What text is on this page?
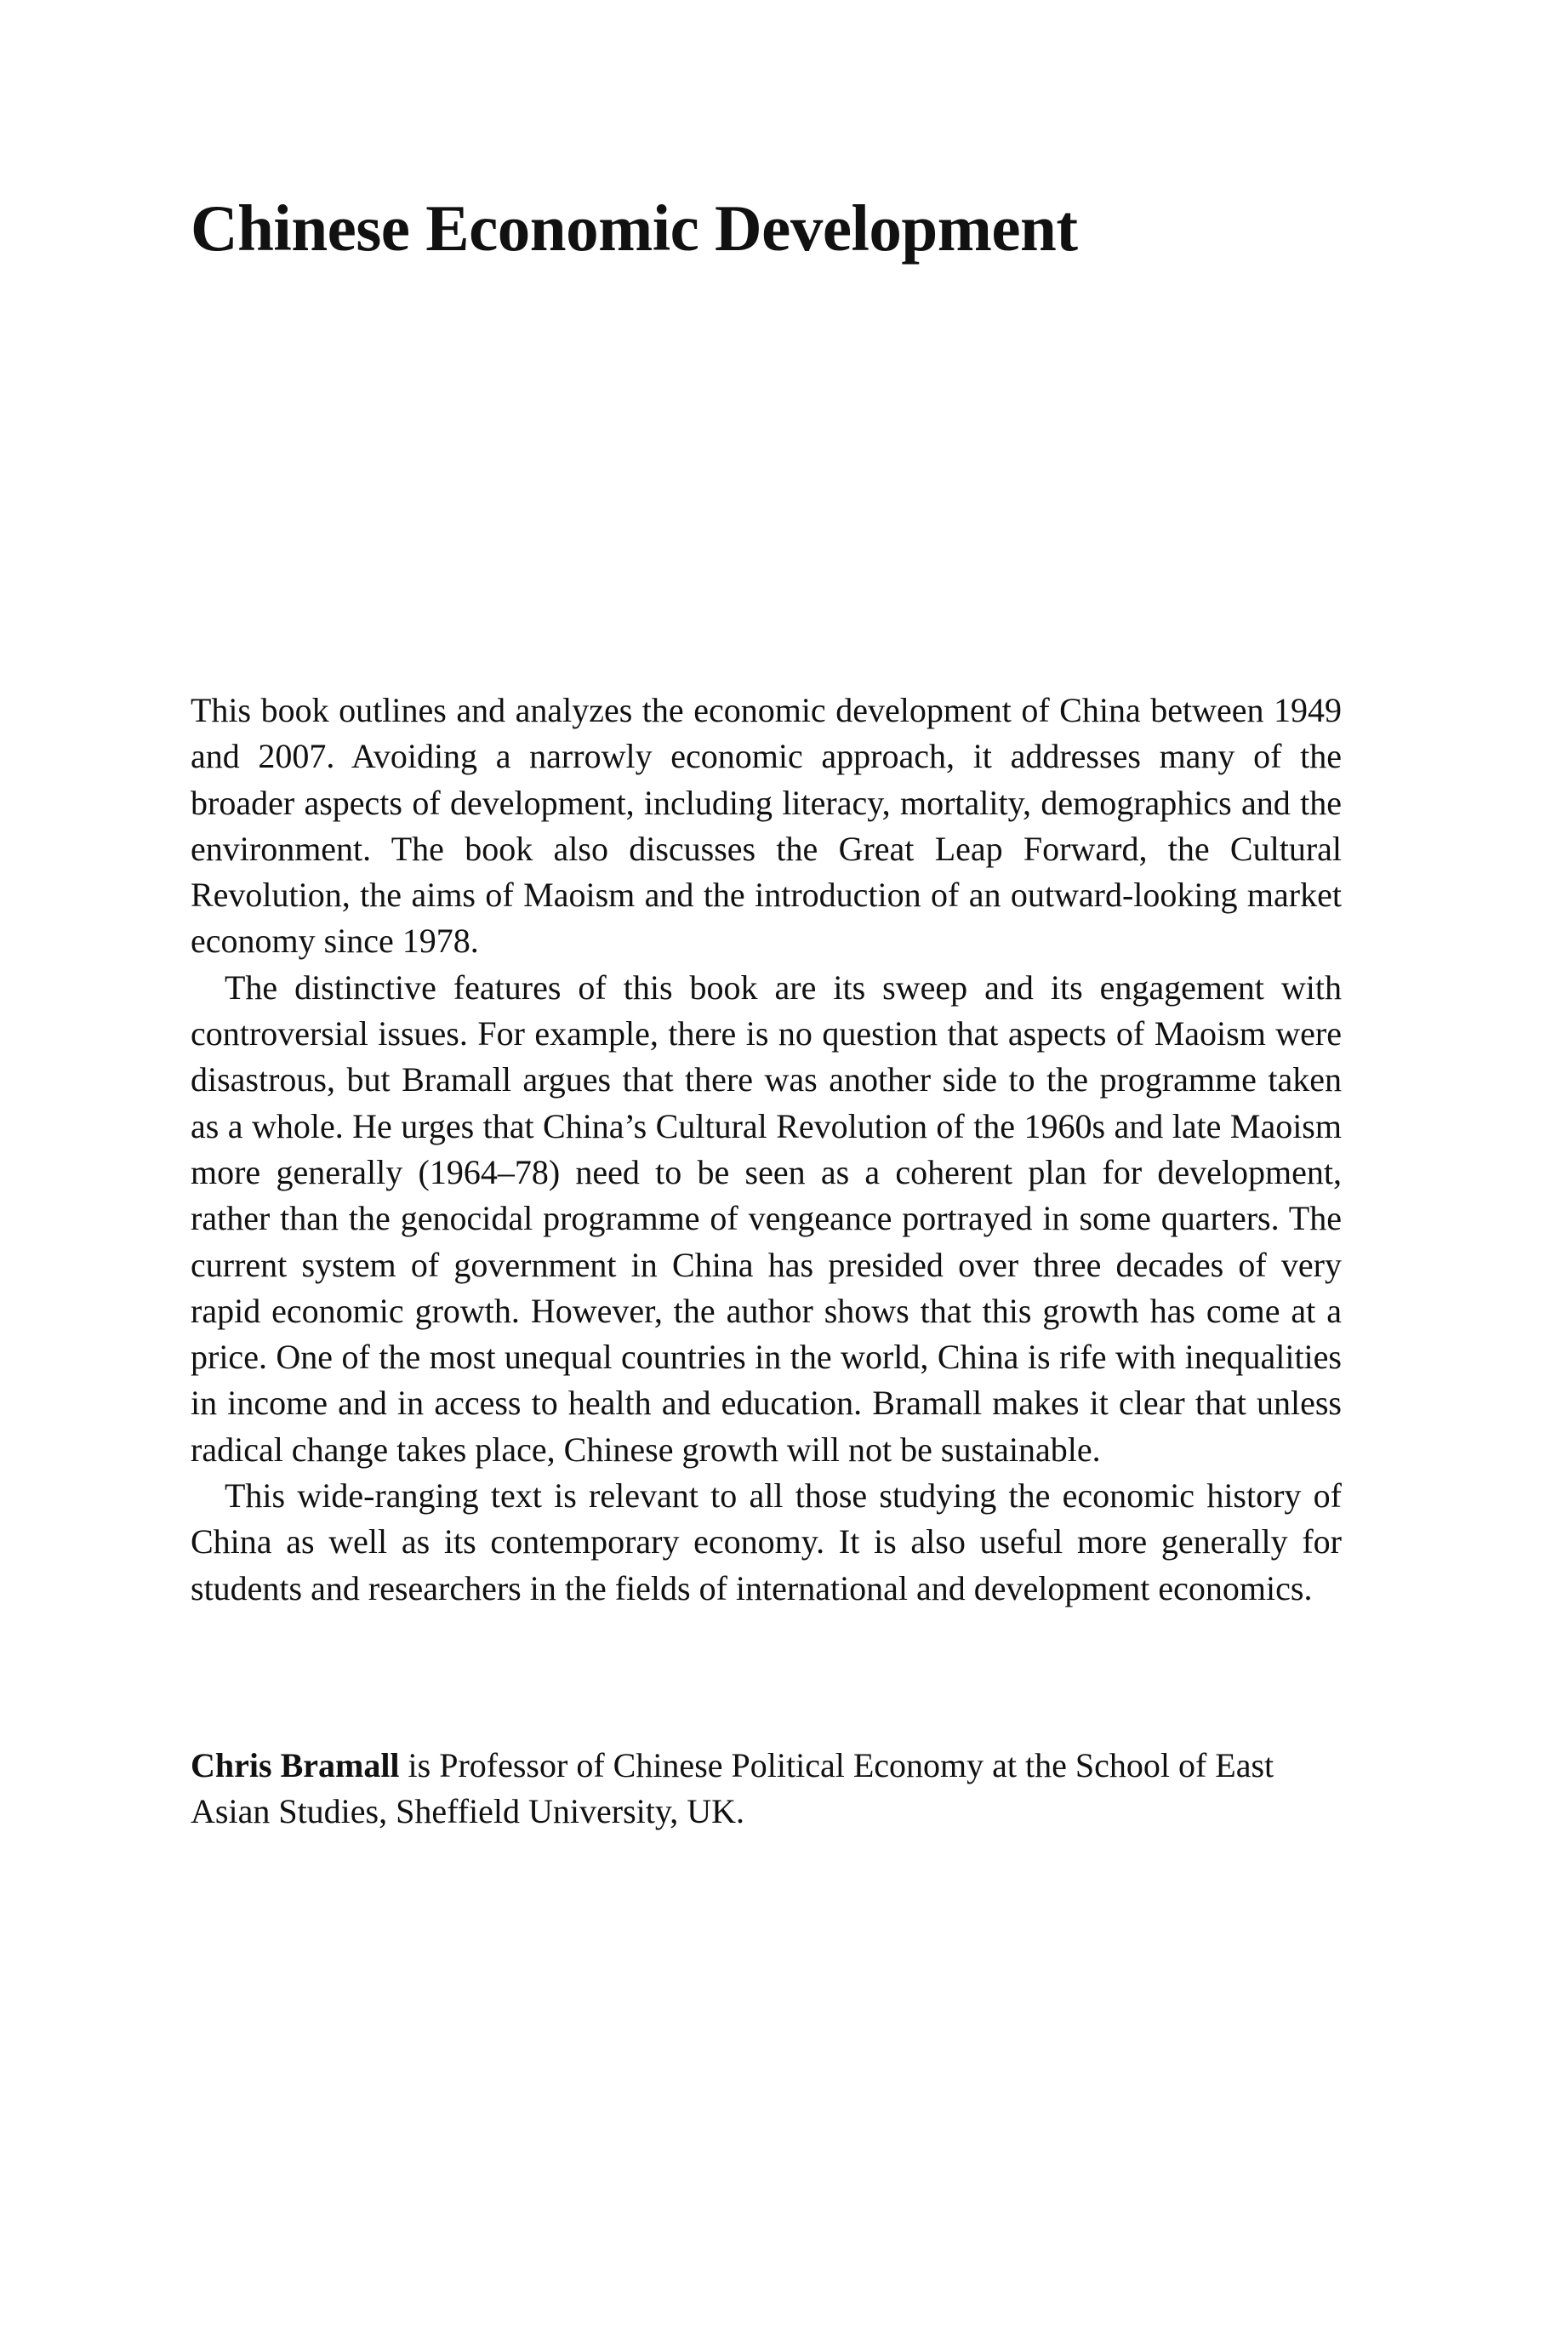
Chinese Economic Development

This book outlines and analyzes the economic development of China between 1949 and 2007. Avoiding a narrowly economic approach, it addresses many of the broader aspects of development, including literacy, mortality, demographics and the environment. The book also discusses the Great Leap Forward, the Cultural Revolution, the aims of Maoism and the introduction of an outward-looking market economy since 1978.

The distinctive features of this book are its sweep and its engagement with controversial issues. For example, there is no question that aspects of Maoism were disastrous, but Bramall argues that there was another side to the programme taken as a whole. He urges that China’s Cultural Revolution of the 1960s and late Maoism more generally (1964–78) need to be seen as a coherent plan for development, rather than the genocidal programme of vengeance portrayed in some quarters. The current system of government in China has presided over three decades of very rapid economic growth. However, the author shows that this growth has come at a price. One of the most unequal countries in the world, China is rife with inequalities in income and in access to health and education. Bramall makes it clear that unless radical change takes place, Chinese growth will not be sustainable.

This wide-ranging text is relevant to all those studying the economic history of China as well as its contemporary economy. It is also useful more generally for students and researchers in the fields of international and development economics.

Chris Bramall is Professor of Chinese Political Economy at the School of East Asian Studies, Sheffield University, UK.
